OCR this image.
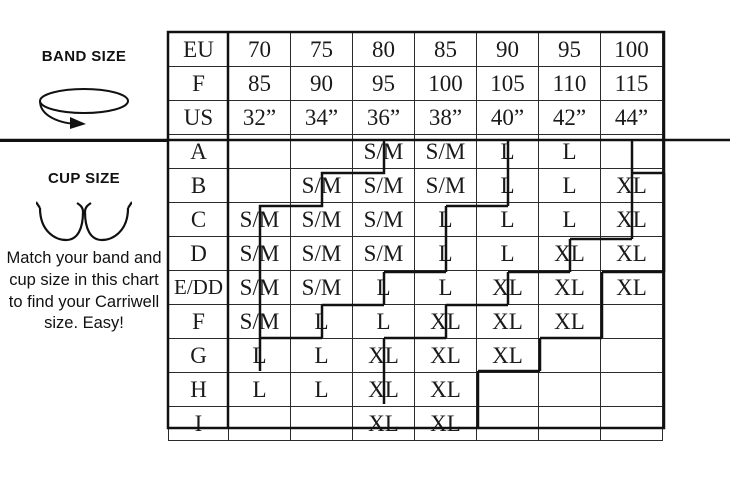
BAND SIZE
CUP SIZE
Match your band and cup size in this chart to find your Carriwell size. Easy!
EU	70	75	80	85	90	95	100
F	85	90	95	100	105	110	115
US	32”	34”	36”	38”	40”	42”	44”
A			S/M	S/M	L	L	
B		S/M	S/M	S/M	L	L	XL
C	S/M	S/M	S/M	L	L	L	XL
D	S/M	S/M	S/M	L	L	XL	XL
E/DD	S/M	S/M	L	L	XL	XL	XL
F	S/M	L	L	XL	XL	XL	
G	L	L	XL	XL	XL		
H	L	L	XL	XL			
I			XL	XL			
